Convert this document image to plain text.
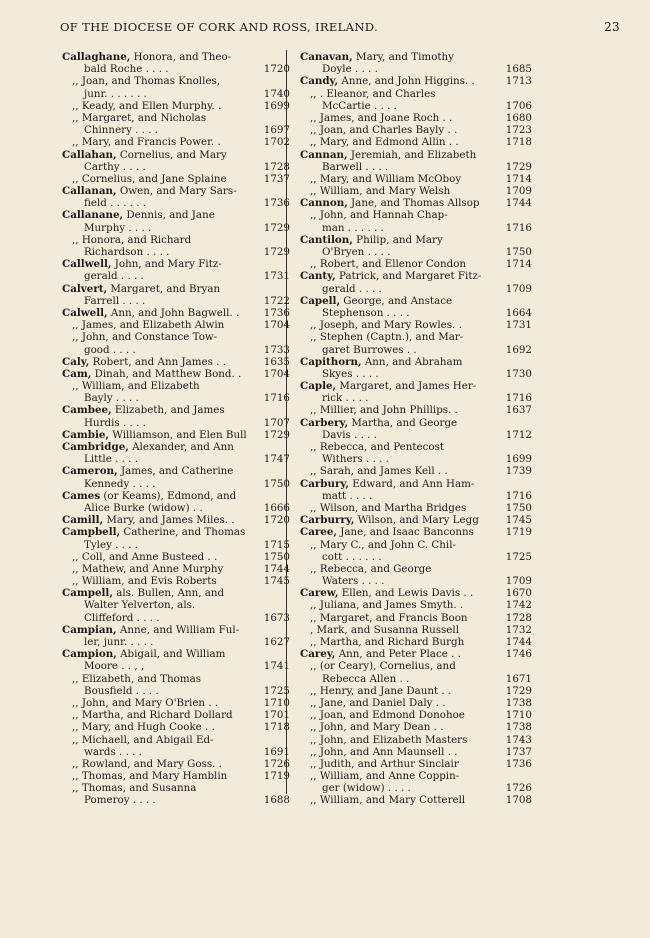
OF THE DIOCESE OF CORK AND ROSS, IRELAND.	23
Callaghane, Honora, and Theo-
bald Roche . . . .	1720
,, Joan, and Thomas Knolles,
junr. . . . . . .	1740
,, Keady, and Ellen Murphy. .	1699
,, Margaret, and Nicholas
Chinnery . . . .	1697
,, Mary, and Francis Power. .	1702
Callahan, Cornelius, and Mary
Carthy . . . .	1728
,, Cornelius, and Jane Splaine	1737
Callanan, Owen, and Mary Sars-
field . . . . . .	1736
Callanane, Dennis, and Jane
Murphy . . . .	1729
,, Honora, and Richard
Richardson . . . .	1729
Callwell, John, and Mary Fitz-
gerald . . . .	1731
Calvert, Margaret, and Bryan
Farrell . . . .	1722
Calwell, Ann, and John Bagwell. .	1736
,, James, and Elizabeth Alwin	1704
,, John, and Constance Tow-
good . . . .	1733
Caly, Robert, and Ann James . .	1635
Cam, Dinah, and Matthew Bond. .	1704
,, William, and Elizabeth
Bayly . . . .	1716
Cambee, Elizabeth, and James
Hurdis . . . .	1707
Cambie, Williamson, and Elen Bull	1729
Cambridge, Alexander, and Ann
Little . . . .	1747
Cameron, James, and Catherine
Kennedy . . . .	1750
Cames (or Keams), Edmond, and
Alice Burke (widow) . .	1666
Camill, Mary, and James Miles. .	1720
Campbell, Catherine, and Thomas
Tyley . . . .	1715
,, Coll, and Anne Busteed . .	1750
,, Mathew, and Anne Murphy	1744
,, William, and Evis Roberts	1745
Campell, als. Bullen, Ann, and
Walter Yelverton, als.
Cliffeford . . . .	1673
Campian, Anne, and William Ful-
ler, junr. . . . .	1627
Campion, Abigail, and William
Moore . . , ,	1741
,, Elizabeth, and Thomas
Bousfield . . . .	1725
,, John, and Mary O'Brien . .	1710
,, Martha, and Richard Dollard	1701
,, Mary, and Hugh Cooke . .	1718
,, Michaell, and Abigail Ed-
wards . . . .	1691
,, Rowland, and Mary Goss. .	1726
,, Thomas, and Mary Hamblin	1719
,, Thomas, and Susanna
Pomeroy . . . .	1688
Canavan, Mary, and Timothy
Doyle . . . .	1685
Candy, Anne, and John Higgins. .	1713
,, . Eleanor, and Charles
McCartie . . . .	1706
,, James, and Joane Roch . .	1680
,, Joan, and Charles Bayly . .	1723
,, Mary, and Edmond Allin . .	1718
Cannan, Jeremiah, and Elizabeth
Barwell . . . .	1729
,, Mary, and William McOboy	1714
,, William, and Mary Welsh	1709
Cannon, Jane, and Thomas Allsop	1744
,, John, and Hannah Chap-
man . . . . . .	1716
Cantilon, Philip, and Mary
O'Bryen . . . .	1750
,, Robert, and Ellenor Condon	1714
Canty, Patrick, and Margaret Fitz-
gerald . . . .	1709
Capell, George, and Anstace
Stephenson . . . .	1664
,, Joseph, and Mary Rowles. .	1731
,, Stephen (Captn.), and Mar-
garet Burrowes . .	1692
Capithorn, Ann, and Abraham
Skyes . . . .	1730
Caple, Margaret, and James Her-
rick . . . .	1716
,, Millier, and John Phillips. .	1637
Carbery, Martha, and George
Davis . . . .	1712
,, Rebecca, and Pentecost
Withers . . . .	1699
,, Sarah, and James Kell . .	1739
Carbury, Edward, and Ann Ham-
matt . . . .	1716
,, Wilson, and Martha Bridges	1750
Carburry, Wilson, and Mary Legg	1745
Caree, Jane, and Isaac Banconns	1719
,, Mary C., and John C. Chil-
cott . . . . . .	1725
,, Rebecca, and George
Waters . . . .	1709
Carew, Ellen, and Lewis Davis . .	1670
,, Juliana, and James Smyth. .	1742
,, Margaret, and Francis Boon	1728
, Mark, and Susanna Russell	1732
,, Martha, and Richard Burgh	1744
Carey, Ann, and Peter Place . .	1746
,, (or Ceary), Cornelius, and
Rebecca Allen . .	1671
,, Henry, and Jane Daunt . .	1729
,, Jane, and Daniel Daly . .	1738
,, Joan, and Edmond Donohoe	1710
,, John, and Mary Dean . .	1738
,, John, and Elizabeth Masters	1743
,, John, and Ann Maunsell . .	1737
,, Judith, and Arthur Sinclair	1736
,, William, and Anne Coppin-
ger (widow) . . . .	1726
,, William, and Mary Cotterell	1708
